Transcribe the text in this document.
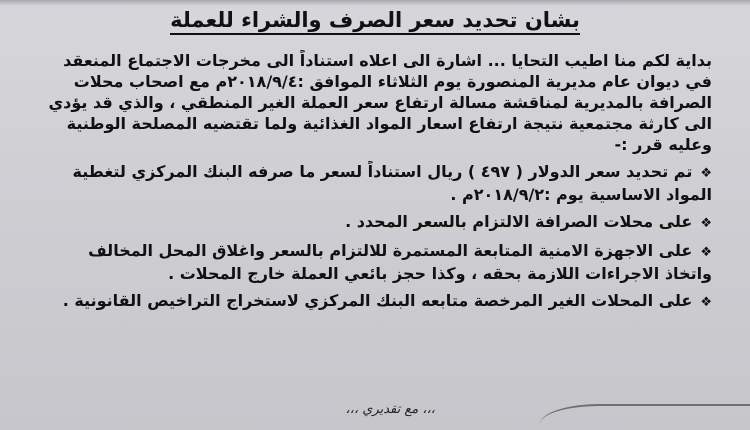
بشان تحديد سعر الصرف والشراء للعملة
بداية لكم منا اطيب التحايا ... اشارة الى اعلاه استناداً الى مخرجات الاجتماع المنعقد
في ديوان عام مديرية المنصورة يوم الثلاثاء الموافق :٢٠١٨/٩/٤م مع اصحاب محلات
الصرافة بالمديرية لمناقشة مسالة ارتفاع سعر العملة الغير المنطقي ، والذي قد يؤدي
الى كارثة مجتمعية نتيجة ارتفاع اسعار المواد الغذائية ولما تقتضيه المصلحة الوطنية
وعليه قرر :-
❖تم تحديد سعر الدولار ( ٤٩٧ ) ريال استناداً لسعر ما صرفه البنك المركزي لتغطية
المواد الاساسية يوم :٢٠١٨/٩/٢م .
❖على محلات الصرافة الالتزام بالسعر المحدد .
❖على الاجهزة الامنية المتابعة المستمرة للالتزام بالسعر واغلاق المحل المخالف
واتخاذ الاجراءات اللازمة بحقه ، وكذا حجز بائعي العملة خارج المحلات .
❖على المحلات الغير المرخصة متابعه البنك المركزي لاستخراج التراخيص القانونية .
،،، مع تقديري ،،،
